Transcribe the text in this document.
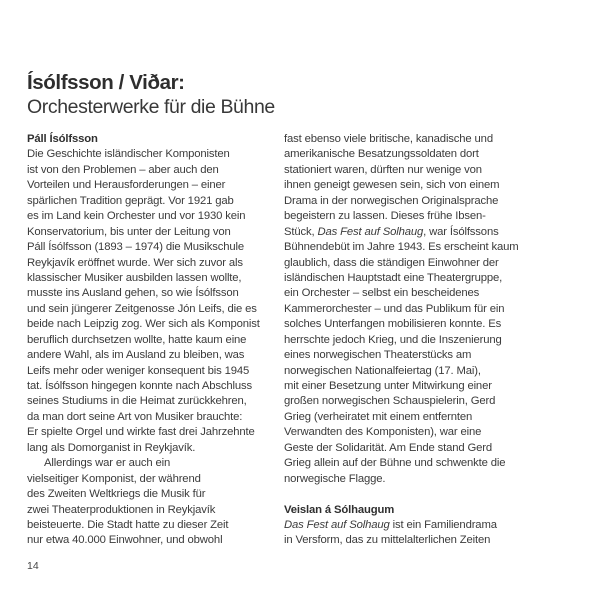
Ísólfsson / Viðar:
Orchesterwerke für die Bühne
Páll Ísólfsson
Die Geschichte isländischer Komponisten
ist von den Problemen – aber auch den
Vorteilen und Herausforderungen – einer
spärlichen Tradition geprägt. Vor 1921 gab
es im Land kein Orchester und vor 1930 kein
Konservatorium, bis unter der Leitung von
Páll Ísólfsson (1893 – 1974) die Musikschule
Reykjavík eröffnet wurde. Wer sich zuvor als
klassischer Musiker ausbilden lassen wollte,
musste ins Ausland gehen, so wie Ísólfsson
und sein jüngerer Zeitgenosse Jón Leifs, die es
beide nach Leipzig zog. Wer sich als Komponist
beruflich durchsetzen wollte, hatte kaum eine
andere Wahl, als im Ausland zu bleiben, was
Leifs mehr oder weniger konsequent bis 1945
tat. Ísólfsson hingegen konnte nach Abschluss
seines Studiums in die Heimat zurückkehren,
da man dort seine Art von Musiker brauchte:
Er spielte Orgel und wirkte fast drei Jahrzehnte
lang als Domorganist in Reykjavík.
Allerdings war er auch ein
vielseitiger Komponist, der während
des Zweiten Weltkriegs die Musik für
zwei Theaterproduktionen in Reykjavík
beisteuerte. Die Stadt hatte zu dieser Zeit
nur etwa 40.000 Einwohner, und obwohl
fast ebenso viele britische, kanadische und
amerikanische Besatzungssoldaten dort
stationiert waren, dürften nur wenige von
ihnen geneigt gewesen sein, sich von einem
Drama in der norwegischen Originalsprache
begeistern zu lassen. Dieses frühe Ibsen-
Stück, Das Fest auf Solhaug, war Ísólfssons
Bühnendebüt im Jahre 1943. Es erscheint kaum
glaublich, dass die ständigen Einwohner der
isländischen Hauptstadt eine Theatergruppe,
ein Orchester – selbst ein bescheidenes
Kammerorchester – und das Publikum für ein
solches Unterfangen mobilisieren konnte. Es
herrschte jedoch Krieg, und die Inszenierung
eines norwegischen Theaterstücks am
norwegischen Nationalfeiertag (17. Mai),
mit einer Besetzung unter Mitwirkung einer
großen norwegischen Schauspielerin, Gerd
Grieg (verheiratet mit einem entfernten
Verwandten des Komponisten), war eine
Geste der Solidarität. Am Ende stand Gerd
Grieg allein auf der Bühne und schwenkte die
norwegische Flagge.
Veislan á Sólhaugum
Das Fest auf Solhaug ist ein Familiendrama
in Versform, das zu mittelalterlichen Zeiten
14
